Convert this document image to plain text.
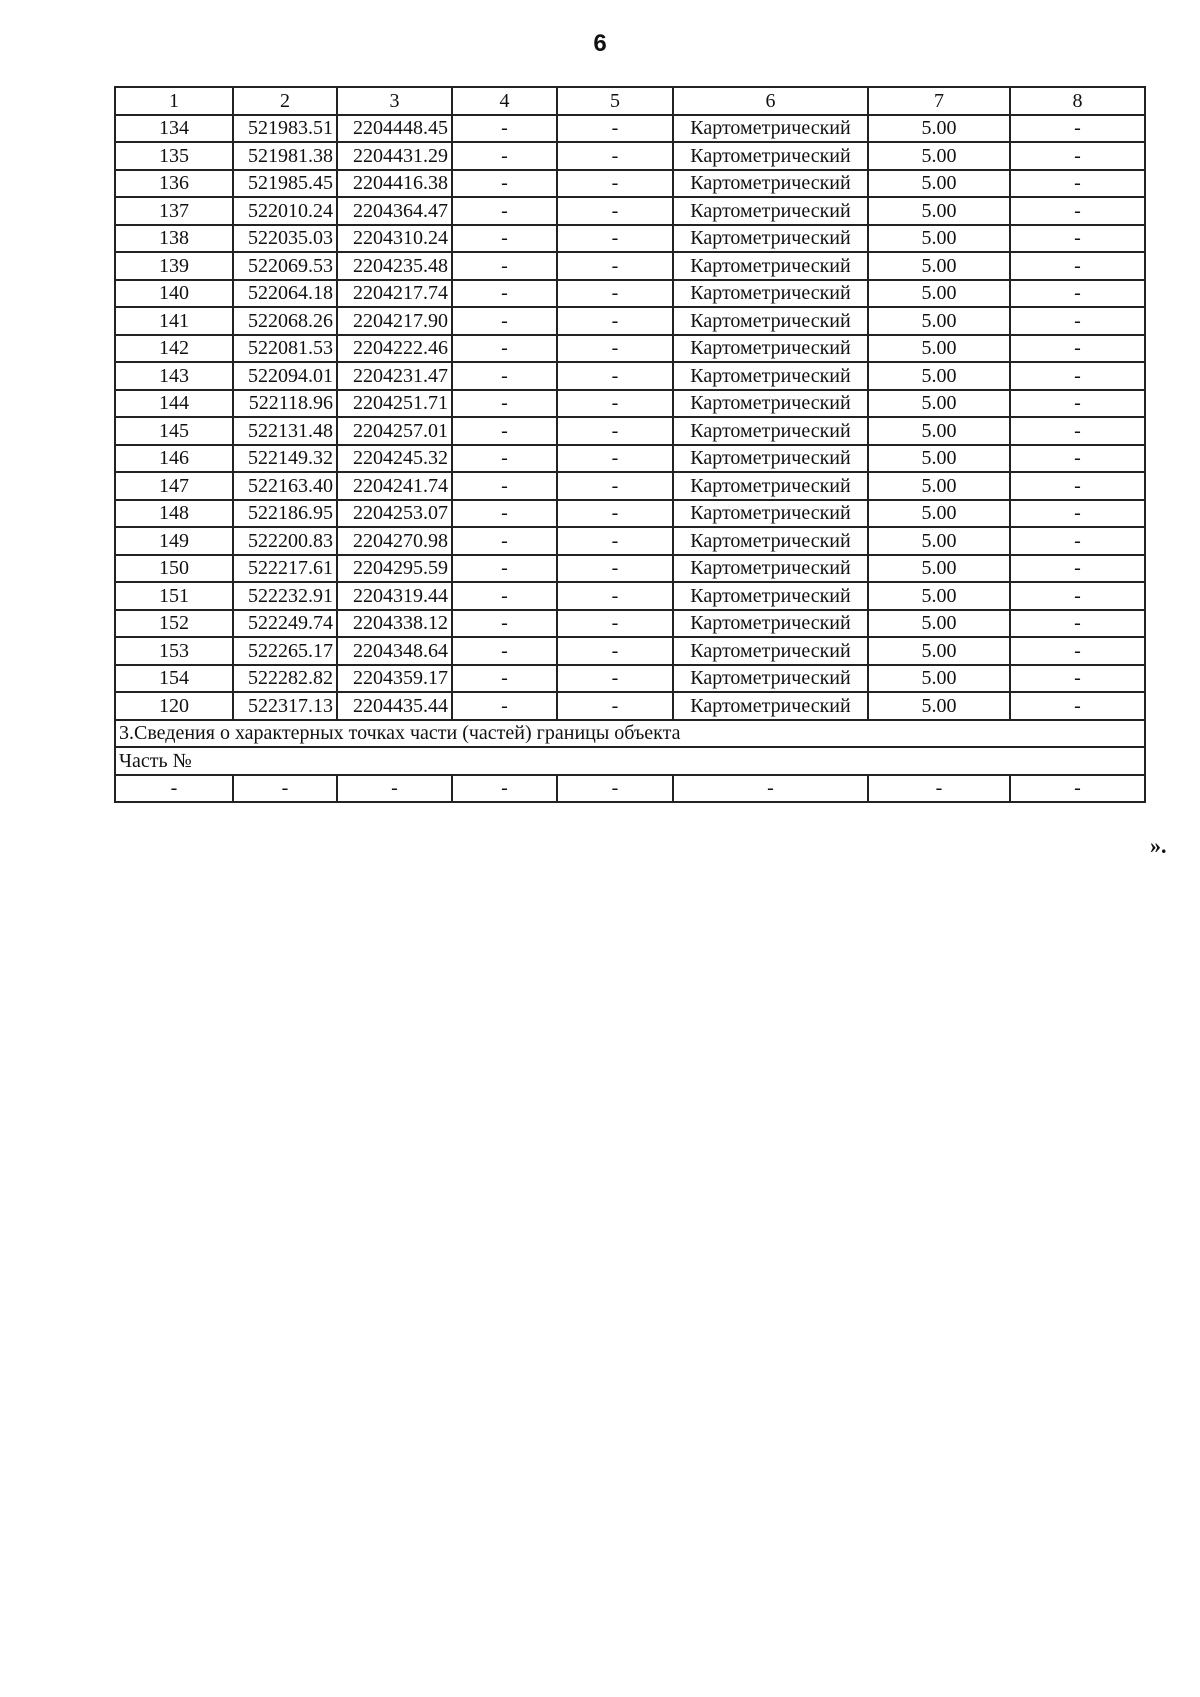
6
1	2	3	4	5	6	7	8
134	521983.51	2204448.45	-	-	Картометрический	5.00	-
135	521981.38	2204431.29	-	-	Картометрический	5.00	-
136	521985.45	2204416.38	-	-	Картометрический	5.00	-
137	522010.24	2204364.47	-	-	Картометрический	5.00	-
138	522035.03	2204310.24	-	-	Картометрический	5.00	-
139	522069.53	2204235.48	-	-	Картометрический	5.00	-
140	522064.18	2204217.74	-	-	Картометрический	5.00	-
141	522068.26	2204217.90	-	-	Картометрический	5.00	-
142	522081.53	2204222.46	-	-	Картометрический	5.00	-
143	522094.01	2204231.47	-	-	Картометрический	5.00	-
144	522118.96	2204251.71	-	-	Картометрический	5.00	-
145	522131.48	2204257.01	-	-	Картометрический	5.00	-
146	522149.32	2204245.32	-	-	Картометрический	5.00	-
147	522163.40	2204241.74	-	-	Картометрический	5.00	-
148	522186.95	2204253.07	-	-	Картометрический	5.00	-
149	522200.83	2204270.98	-	-	Картометрический	5.00	-
150	522217.61	2204295.59	-	-	Картометрический	5.00	-
151	522232.91	2204319.44	-	-	Картометрический	5.00	-
152	522249.74	2204338.12	-	-	Картометрический	5.00	-
153	522265.17	2204348.64	-	-	Картометрический	5.00	-
154	522282.82	2204359.17	-	-	Картометрический	5.00	-
120	522317.13	2204435.44	-	-	Картометрический	5.00	-
3.Сведения о характерных точках части (частей) границы объекта							
Часть №							
-	-	-	-	-	-	-	-
».
